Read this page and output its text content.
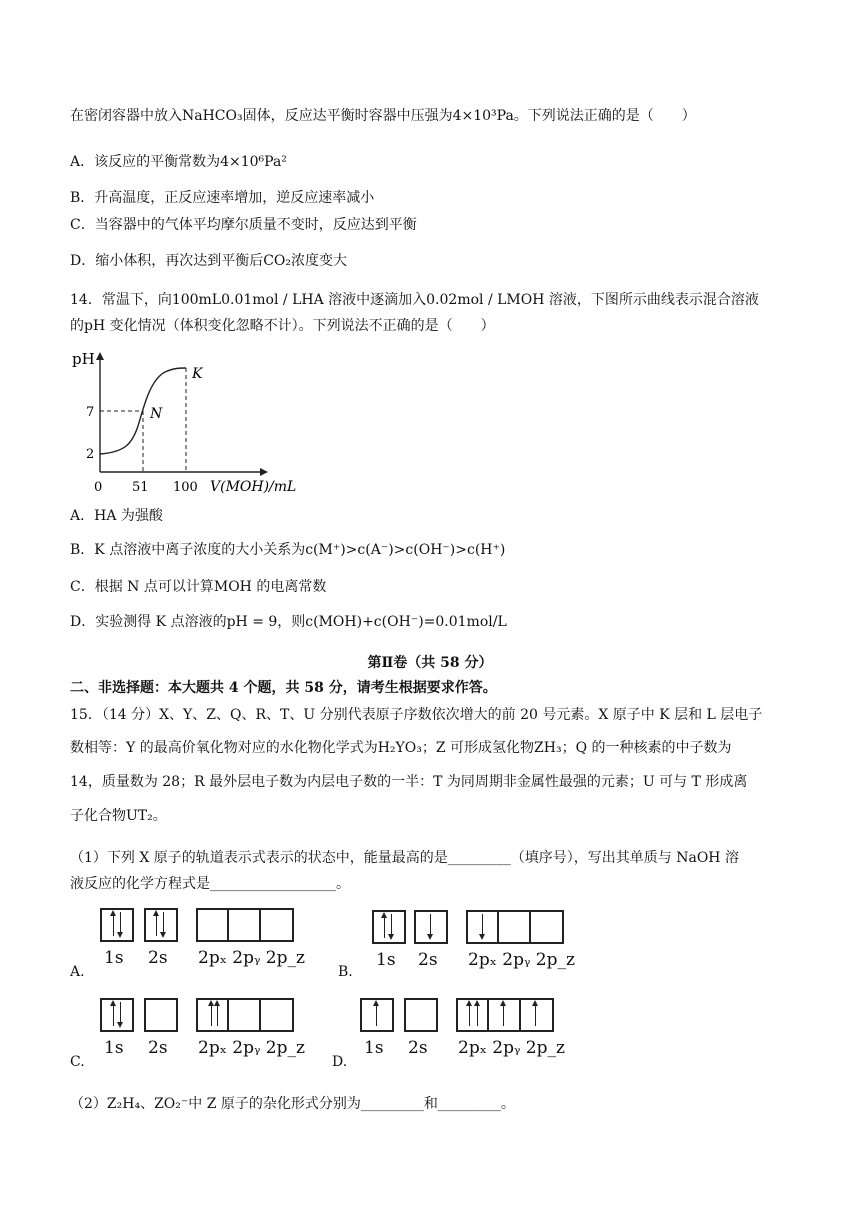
在密闭容器中放入NaHCO₃固体，反应达平衡时容器中压强为4×10³Pa。下列说法正确的是（　　）
A．该反应的平衡常数为4×10⁶Pa²
B．升高温度，正反应速率增加，逆反应速率减小
C．当容器中的气体平均摩尔质量不变时，反应达到平衡
D．缩小体积，再次达到平衡后CO₂浓度变大
14．常温下，向100mL0.01mol / LHA 溶液中逐滴加入0.02mol / LMOH 溶液，下图所示曲线表示混合溶液
的pH 变化情况（体积变化忽略不计）。下列说法不正确的是（　　）
pH
7
2
0 51 100 V(MOH)/mL
N
K
A．HA 为强酸
B．K 点溶液中离子浓度的大小关系为c(M⁺)>c(A⁻)>c(OH⁻)>c(H⁺)
C．根据 N 点可以计算MOH 的电离常数
D．实验测得 K 点溶液的pH = 9，则c(MOH)+c(OH⁻)=0.01mol/L
第Ⅱ卷（共 58 分）
二、非选择题：本大题共 4 个题，共 58 分，请考生根据要求作答。
15．（14 分）X、Y、Z、Q、R、T、U 分别代表原子序数依次增大的前 20 号元素。X 原子中 K 层和 L 层电子
数相等：Y 的最高价氧化物对应的水化物化学式为H₂YO₃；Z 可形成氢化物ZH₃；Q 的一种核素的中子数为
14，质量数为 28；R 最外层电子数为内层电子数的一半：T 为同周期非金属性最强的元素；U 可与 T 形成离
子化合物UT₂。
（1）下列 X 原子的轨道表示式表示的状态中，能量最高的是_________（填序号），写出其单质与 NaOH 溶
液反应的化学方程式是__________________。
1s 2s 2pₓ 2pᵧ 2p_z
A.
1s 2s 2pₓ 2pᵧ 2p_z
B.
1s 2s 2pₓ 2pᵧ 2p_z
C.
1s 2s 2pₓ 2pᵧ 2p_z
D.
（2）Z₂H₄、ZO₂⁻中 Z 原子的杂化形式分别为_________和_________。
